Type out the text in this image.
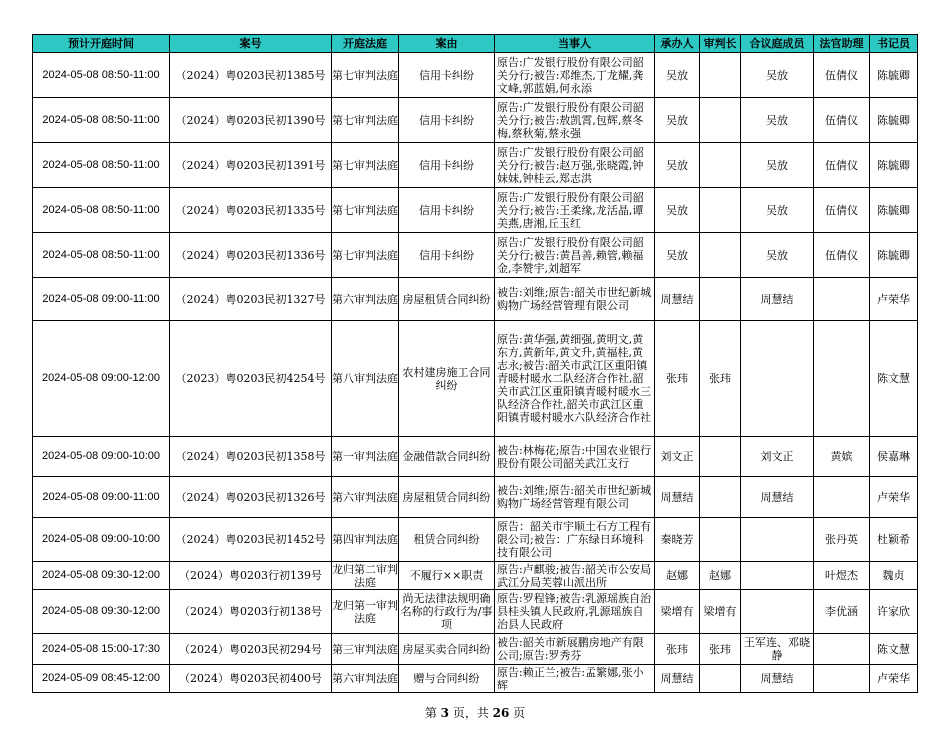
预计开庭时间	案号	开庭法庭	案由	当事人	承办人	审判长	合议庭成员	法官助理	书记员
2024-05-08 08:50-11:00	（2024）粤0203民初1385号	第七审判法庭	信用卡纠纷	原告:广发银行股份有限公司韶关分行;被告:邓维杰,丁龙耀,龚文峰,郭蓝娟,何永添	吴放		吴放	伍倩仪	陈毓卿
2024-05-08 08:50-11:00	（2024）粤0203民初1390号	第七审判法庭	信用卡纠纷	原告:广发银行股份有限公司韶关分行;被告:敖凯霄,包辉,蔡冬梅,蔡秋菊,蔡永强	吴放		吴放	伍倩仪	陈毓卿
2024-05-08 08:50-11:00	（2024）粤0203民初1391号	第七审判法庭	信用卡纠纷	原告:广发银行股份有限公司韶关分行;被告:赵万强,张晓霞,钟妹妹,钟桂云,郑志洪	吴放		吴放	伍倩仪	陈毓卿
2024-05-08 08:50-11:00	（2024）粤0203民初1335号	第七审判法庭	信用卡纠纷	原告:广发银行股份有限公司韶关分行;被告:王柔缘,龙活晶,谭美燕,唐湘,丘玉红	吴放		吴放	伍倩仪	陈毓卿
2024-05-08 08:50-11:00	（2024）粤0203民初1336号	第七审判法庭	信用卡纠纷	原告:广发银行股份有限公司韶关分行;被告:黄昌善,赖管,赖福金,李赞宇,刘超军	吴放		吴放	伍倩仪	陈毓卿
2024-05-08 09:00-11:00	（2024）粤0203民初1327号	第六审判法庭	房屋租赁合同纠纷	被告:刘维;原告:韶关市世纪新城购物广场经营管理有限公司	周慧结		周慧结		卢荣华
2024-05-08 09:00-12:00	（2023）粤0203民初4254号	第八审判法庭	农村建房施工合同纠纷	原告:黄华强,黄细强,黄明文,黄东方,黄新年,黄文升,黄福桂,黄志永;被告:韶关市武江区重阳镇青暖村暖水二队经济合作社,韶关市武江区重阳镇青暖村暖水三队经济合作社,韶关市武江区重阳镇青暖村暖水六队经济合作社	张玮	张玮			陈文慧
2024-05-08 09:00-10:00	（2024）粤0203民初1358号	第一审判法庭	金融借款合同纠纷	被告:林梅花;原告:中国农业银行股份有限公司韶关武江支行	刘文正		刘文正	黄嫔	侯嘉琳
2024-05-08 09:00-11:00	（2024）粤0203民初1326号	第六审判法庭	房屋租赁合同纠纷	被告:刘维;原告:韶关市世纪新城购物广场经营管理有限公司	周慧结		周慧结		卢荣华
2024-05-08 09:00-10:00	（2024）粤0203民初1452号	第四审判法庭	租赁合同纠纷	原告：韶关市宇顺土石方工程有限公司;被告：广东绿日环境科技有限公司	秦晓芳			张丹英	杜颖希
2024-05-08 09:30-12:00	（2024）粤0203行初139号	龙归第二审判法庭	不履行××职责	原告:卢麒骏;被告:韶关市公安局武江分局芙蓉山派出所	赵娜	赵娜		叶煜杰	魏贞
2024-05-08 09:30-12:00	（2024）粤0203行初138号	龙归第一审判法庭	尚无法律法规明确名称的行政行为/事项	原告:罗程锋;被告:乳源瑶族自治县桂头镇人民政府,乳源瑶族自治县人民政府	梁增有	梁增有		李优涵	许家欣
2024-05-08 15:00-17:30	（2024）粤0203民初294号	第三审判法庭	房屋买卖合同纠纷	被告:韶关市新展鹏房地产有限公司;原告:罗秀芬	张玮	张玮	王军连、邓晓静		陈文慧
2024-05-09 08:45-12:00	（2024）粤0203民初400号	第六审判法庭	赠与合同纠纷	原告:赖正兰;被告:孟繁娜,张小辉	周慧结		周慧结		卢荣华
第 3 页，共 26 页
